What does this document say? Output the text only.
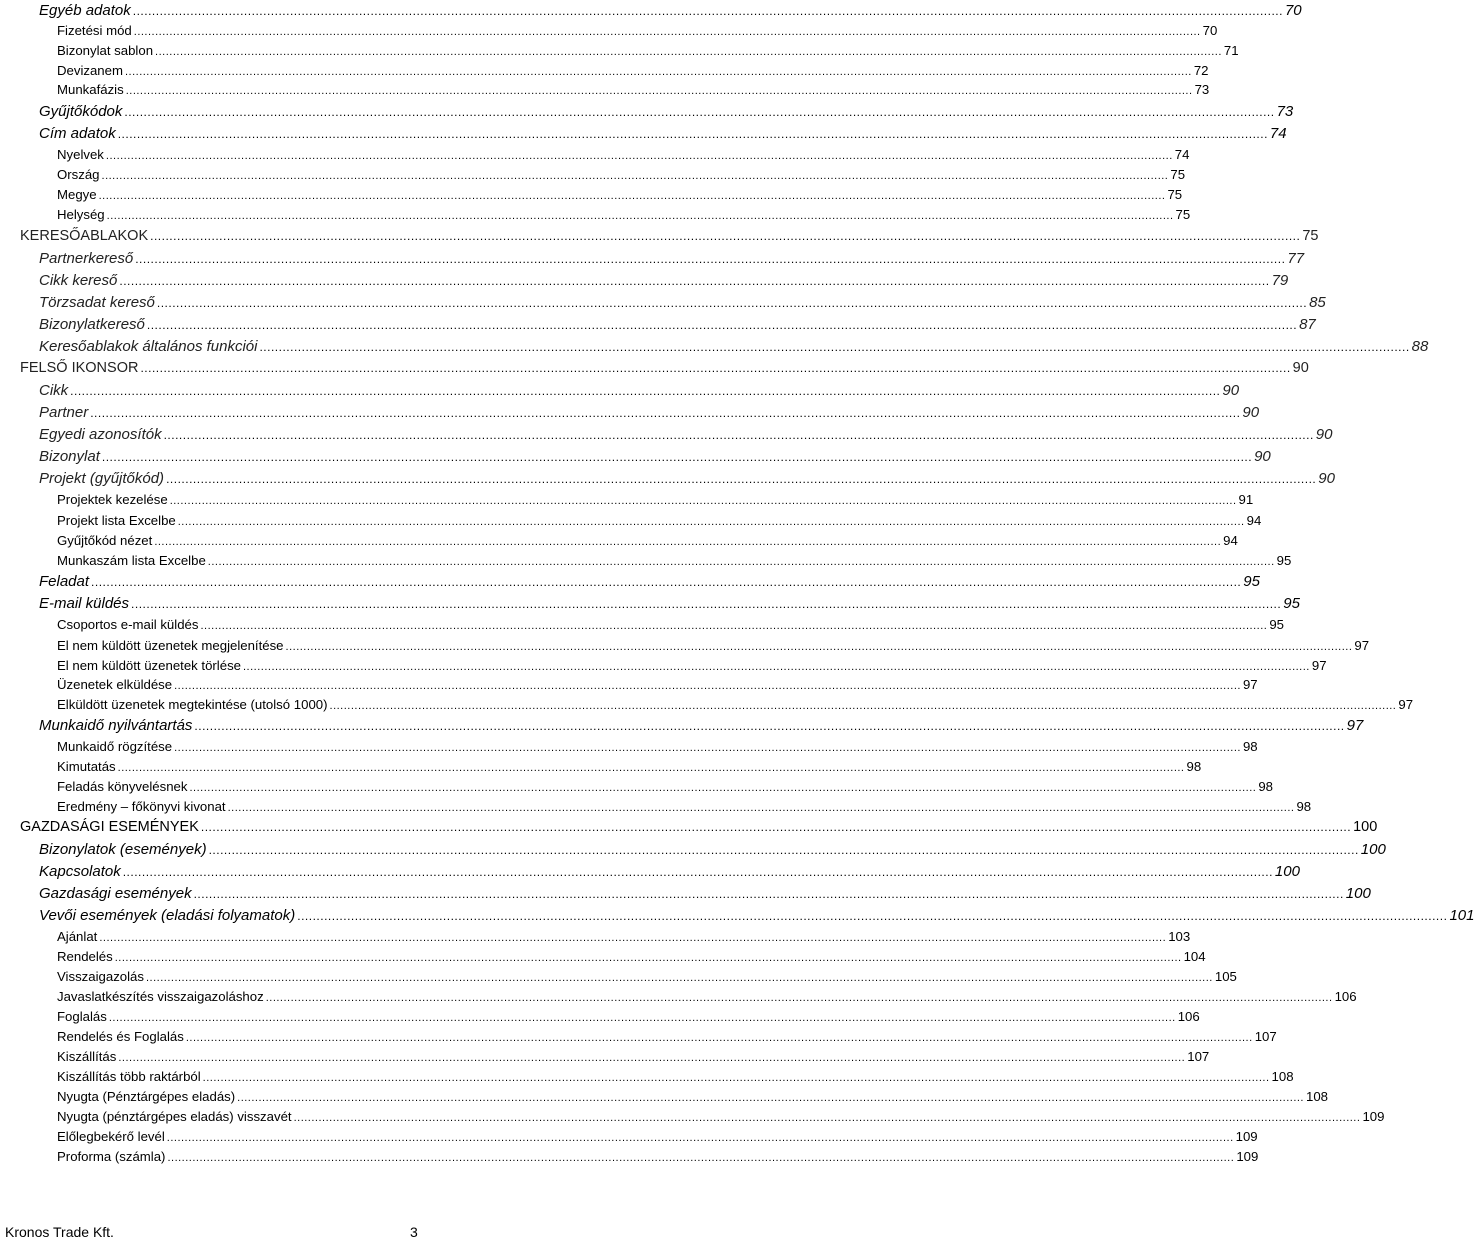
Egyéb adatok ............................................................................................................................................................................................................................................................................................................ 70
Fizetési mód ............................................................................................................................................................................................................................................................................................................ 70
Bizonylat sablon ............................................................................................................................................................................................................................................................................................................ 71
Devizanem ............................................................................................................................................................................................................................................................................................................ 72
Munkafázis ............................................................................................................................................................................................................................................................................................................ 73
Gyűjtőkódok ............................................................................................................................................................................................................................................................................................................ 73
Cím adatok ............................................................................................................................................................................................................................................................................................................ 74
Nyelvek ............................................................................................................................................................................................................................................................................................................ 74
Ország ............................................................................................................................................................................................................................................................................................................ 75
Megye ............................................................................................................................................................................................................................................................................................................ 75
Helység ............................................................................................................................................................................................................................................................................................................ 75
KERESŐABLAKOK ............................................................................................................................................................................................................................................................................................................ 75
Partnerkereső ............................................................................................................................................................................................................................................................................................................ 77
Cikk kereső ............................................................................................................................................................................................................................................................................................................ 79
Törzsadat kereső ............................................................................................................................................................................................................................................................................................................ 85
Bizonylatkereső ............................................................................................................................................................................................................................................................................................................ 87
Keresőablakok általános funkciói ............................................................................................................................................................................................................................................................................................................ 88
FELSŐ IKONSOR ............................................................................................................................................................................................................................................................................................................ 90
Cikk ............................................................................................................................................................................................................................................................................................................ 90
Partner ............................................................................................................................................................................................................................................................................................................ 90
Egyedi azonosítók ............................................................................................................................................................................................................................................................................................................ 90
Bizonylat ............................................................................................................................................................................................................................................................................................................ 90
Projekt (gyűjtőkód) ............................................................................................................................................................................................................................................................................................................ 90
Projektek kezelése ............................................................................................................................................................................................................................................................................................................ 91
Projekt lista Excelbe ............................................................................................................................................................................................................................................................................................................ 94
Gyűjtőkód nézet ............................................................................................................................................................................................................................................................................................................ 94
Munkaszám lista Excelbe ............................................................................................................................................................................................................................................................................................................ 95
Feladat ............................................................................................................................................................................................................................................................................................................ 95
E-mail küldés ............................................................................................................................................................................................................................................................................................................ 95
Csoportos e-mail küldés ............................................................................................................................................................................................................................................................................................................ 95
El nem küldött üzenetek megjelenítése ............................................................................................................................................................................................................................................................................................................ 97
El nem küldött üzenetek törlése ............................................................................................................................................................................................................................................................................................................ 97
Üzenetek elküldése ............................................................................................................................................................................................................................................................................................................ 97
Elküldött üzenetek megtekintése (utolsó 1000) ............................................................................................................................................................................................................................................................................................................ 97
Munkaidő nyilvántartás ............................................................................................................................................................................................................................................................................................................ 97
Munkaidő rögzítése ............................................................................................................................................................................................................................................................................................................ 98
Kimutatás ............................................................................................................................................................................................................................................................................................................ 98
Feladás könyvelésnek ............................................................................................................................................................................................................................................................................................................ 98
Eredmény – főkönyvi kivonat ............................................................................................................................................................................................................................................................................................................ 98
GAZDASÁGI ESEMÉNYEK ............................................................................................................................................................................................................................................................................................................ 100
Bizonylatok (események) ............................................................................................................................................................................................................................................................................................................ 100
Kapcsolatok ............................................................................................................................................................................................................................................................................................................ 100
Gazdasági események ............................................................................................................................................................................................................................................................................................................ 100
Vevői események (eladási folyamatok) ............................................................................................................................................................................................................................................................................................................ 101
Ajánlat ............................................................................................................................................................................................................................................................................................................ 103
Rendelés ............................................................................................................................................................................................................................................................................................................ 104
Visszaigazolás ............................................................................................................................................................................................................................................................................................................ 105
Javaslatkészítés visszaigazoláshoz ............................................................................................................................................................................................................................................................................................................ 106
Foglalás ............................................................................................................................................................................................................................................................................................................ 106
Rendelés és Foglalás ............................................................................................................................................................................................................................................................................................................ 107
Kiszállítás ............................................................................................................................................................................................................................................................................................................ 107
Kiszállítás több raktárból ............................................................................................................................................................................................................................................................................................................ 108
Nyugta (Pénztárgépes eladás) ............................................................................................................................................................................................................................................................................................................ 108
Nyugta (pénztárgépes eladás) visszavét ............................................................................................................................................................................................................................................................................................................ 109
Előlegbekérő levél ............................................................................................................................................................................................................................................................................................................ 109
Proforma (számla) ............................................................................................................................................................................................................................................................................................................ 109
Kronos Trade Kft.	3
